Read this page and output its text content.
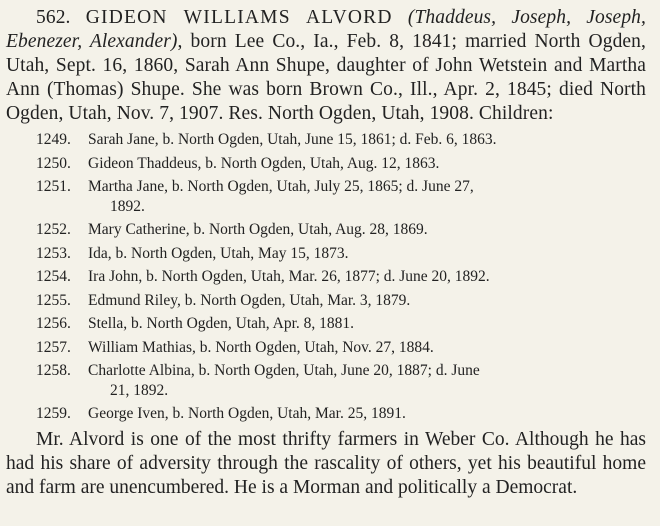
562. GIDEON WILLIAMS ALVORD (Thaddeus, Joseph, Joseph, Ebenezer, Alexander), born Lee Co., Ia., Feb. 8, 1841; married North Ogden, Utah, Sept. 16, 1860, Sarah Ann Shupe, daughter of John Wetstein and Martha Ann (Thomas) Shupe. She was born Brown Co., Ill., Apr. 2, 1845; died North Ogden, Utah, Nov. 7, 1907. Res. North Ogden, Utah, 1908. Children:

1249.	Sarah Jane, b. North Ogden, Utah, June 15, 1861; d. Feb. 6, 1863.
1250.	Gideon Thaddeus, b. North Ogden, Utah, Aug. 12, 1863.
1251.	Martha Jane, b. North Ogden, Utah, July 25, 1865; d. June 27,
1892.
1252.	Mary Catherine, b. North Ogden, Utah, Aug. 28, 1869.
1253.	Ida, b. North Ogden, Utah, May 15, 1873.
1254.	Ira John, b. North Ogden, Utah, Mar. 26, 1877; d. June 20, 1892.
1255.	Edmund Riley, b. North Ogden, Utah, Mar. 3, 1879.
1256.	Stella, b. North Ogden, Utah, Apr. 8, 1881.
1257.	William Mathias, b. North Ogden, Utah, Nov. 27, 1884.
1258.	Charlotte Albina, b. North Ogden, Utah, June 20, 1887; d. June
21, 1892.
1259.	George Iven, b. North Ogden, Utah, Mar. 25, 1891.

Mr. Alvord is one of the most thrifty farmers in Weber Co. Although he has had his share of adversity through the rascality of others, yet his beautiful home and farm are unencumbered. He is a Morman and politically a Democrat.
